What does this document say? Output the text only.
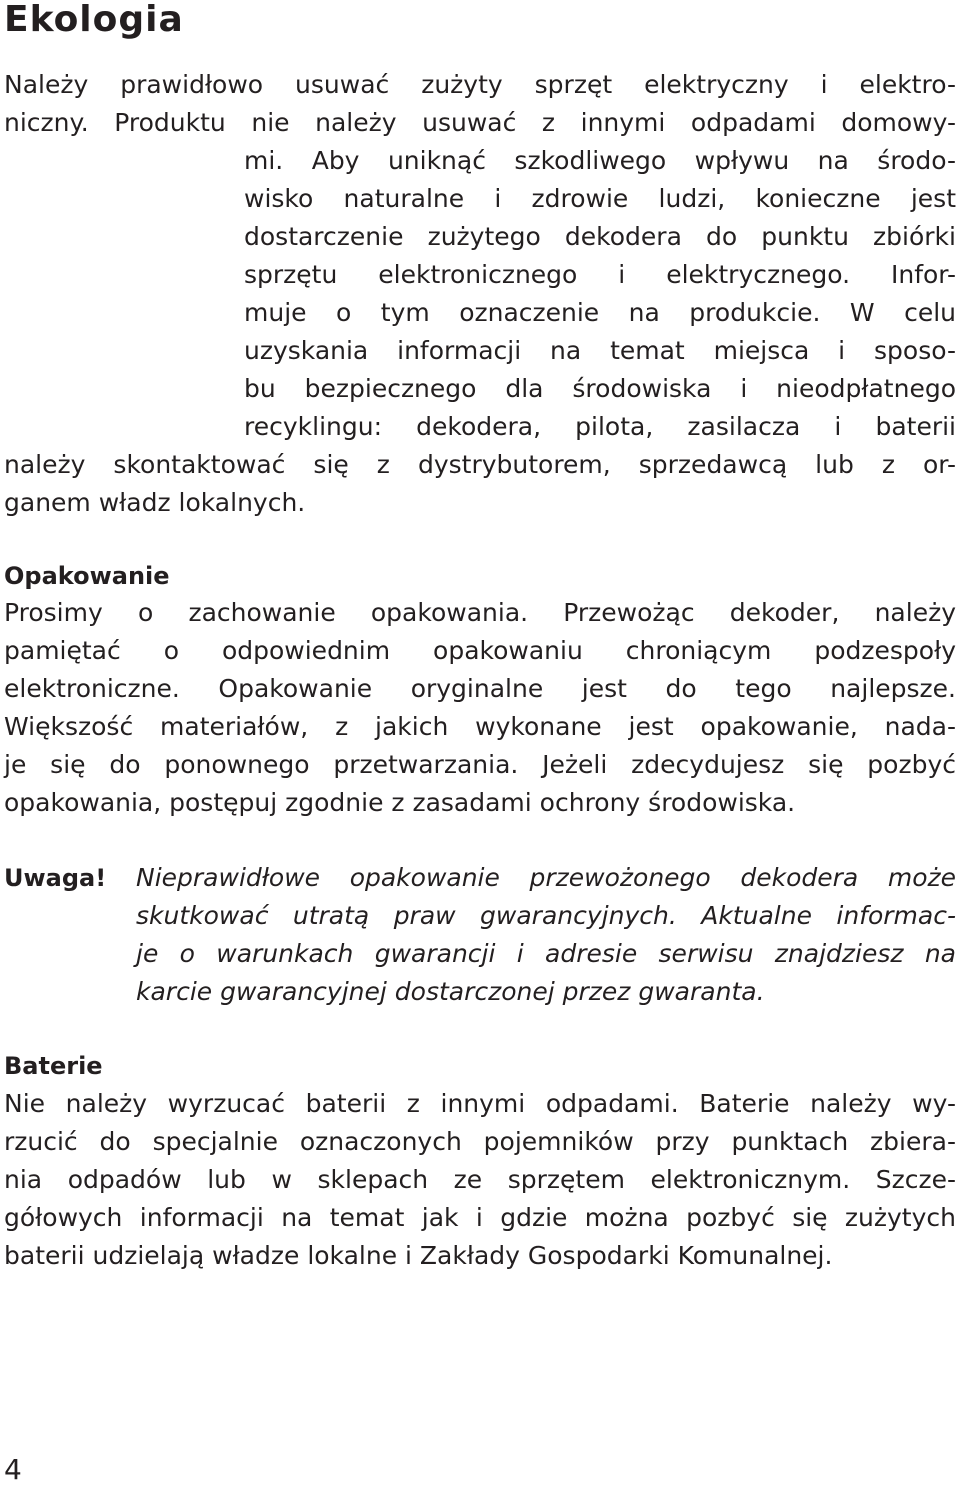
Ekologia

Należy prawidłowo usuwać zużyty sprzęt elektryczny i elektro-

niczny. Produktu nie należy usuwać z innymi odpadami domowy-

mi. Aby uniknąć szkodliwego wpływu na środo-

wisko naturalne i zdrowie ludzi, konieczne jest

dostarczenie zużytego dekodera do punktu zbiórki

sprzętu elektronicznego i elektrycznego. Infor-

muje o tym oznaczenie na produkcie. W celu

uzyskania informacji na temat miejsca i sposo-

bu bezpiecznego dla środowiska i nieodpłatnego

recyklingu: dekodera, pilota, zasilacza i baterii

należy skontaktować się z dystrybutorem, sprzedawcą lub z or-

ganem władz lokalnych.

Opakowanie

Prosimy o zachowanie opakowania. Przewożąc dekoder, należy

pamiętać o odpowiednim opakowaniu chroniącym podzespoły

elektroniczne. Opakowanie oryginalne jest do tego najlepsze.

Większość materiałów, z jakich wykonane jest opakowanie, nada-

je się do ponownego przetwarzania. Jeżeli zdecydujesz się pozbyć

opakowania, postępuj zgodnie z zasadami ochrony środowiska.

Uwaga! Nieprawidłowe opakowanie przewożonego dekodera może

skutkować utratą praw gwarancyjnych. Aktualne informac-

je o warunkach gwarancji i adresie serwisu znajdziesz na

karcie gwarancyjnej dostarczonej przez gwaranta.

Baterie

Nie należy wyrzucać baterii z innymi odpadami. Baterie należy wy-

rzucić do specjalnie oznaczonych pojemników przy punktach zbiera-

nia odpadów lub w sklepach ze sprzętem elektronicznym. Szcze-

gółowych informacji na temat jak i gdzie można pozbyć się zużytych

baterii udzielają władze lokalne i Zakłady Gospodarki Komunalnej.

4
